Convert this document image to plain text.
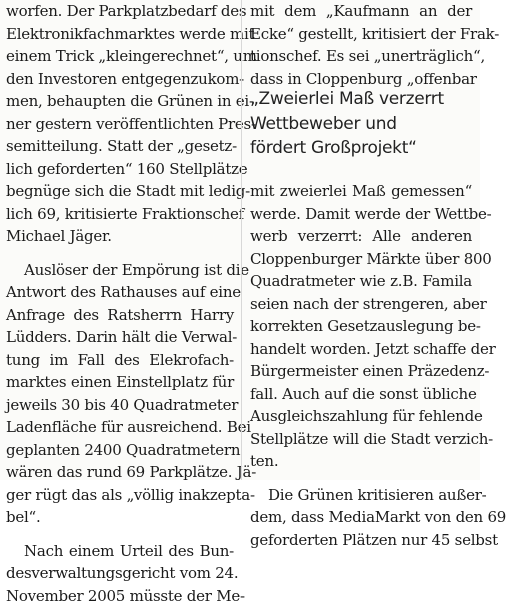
worfen. Der Parkplatzbedarf des
Elektronikfachmarktes werde mit
einem Trick „kleingerechnet“, um
den Investoren entgegenzukom-
men, behaupten die Grünen in ei-
ner gestern veröffentlichten Pres-
semitteilung. Statt der „gesetz-
lich geforderten“ 160 Stellplätze
begnüge sich die Stadt mit ledig-
lich 69, kritisierte Fraktionschef
Michael Jäger.
Auslöser der Empörung ist die
Antwort des Rathauses auf eine
Anfrage des Ratsherrn Harry
Lüdders. Darin hält die Verwal-
tung im Fall des Elekrofach-
marktes einen Einstellplatz für
jeweils 30 bis 40 Quadratmeter
Ladenfläche für ausreichend. Bei
geplanten 2400 Quadratmetern
wären das rund 69 Parkplätze. Jä-
ger rügt das als „völlig inakzepta-
bel“.
Nach einem Urteil des Bun-
desverwaltungsgericht vom 24.
November 2005 müsste der Me-
mit dem „Kaufmann an der
Ecke“ gestellt, kritisiert der Frak-
tionschef. Es sei „unerträglich“,
dass in Cloppenburg „offenbar
„Zweierlei Maß verzerrt
Wettbeweber und
fördert Großprojekt“
mit zweierlei Maß gemessen“
werde. Damit werde der Wettbe-
werb verzerrt: Alle anderen
Cloppenburger Märkte über 800
Quadratmeter wie z.B. Famila
seien nach der strengeren, aber
korrekten Gesetzauslegung be-
handelt worden. Jetzt schaffe der
Bürgermeister einen Präzedenz-
fall. Auch auf die sonst übliche
Ausgleichszahlung für fehlende
Stellplätze will die Stadt verzich-
ten.
Die Grünen kritisieren außer-
dem, dass MediaMarkt von den 69
geforderten Plätzen nur 45 selbst
